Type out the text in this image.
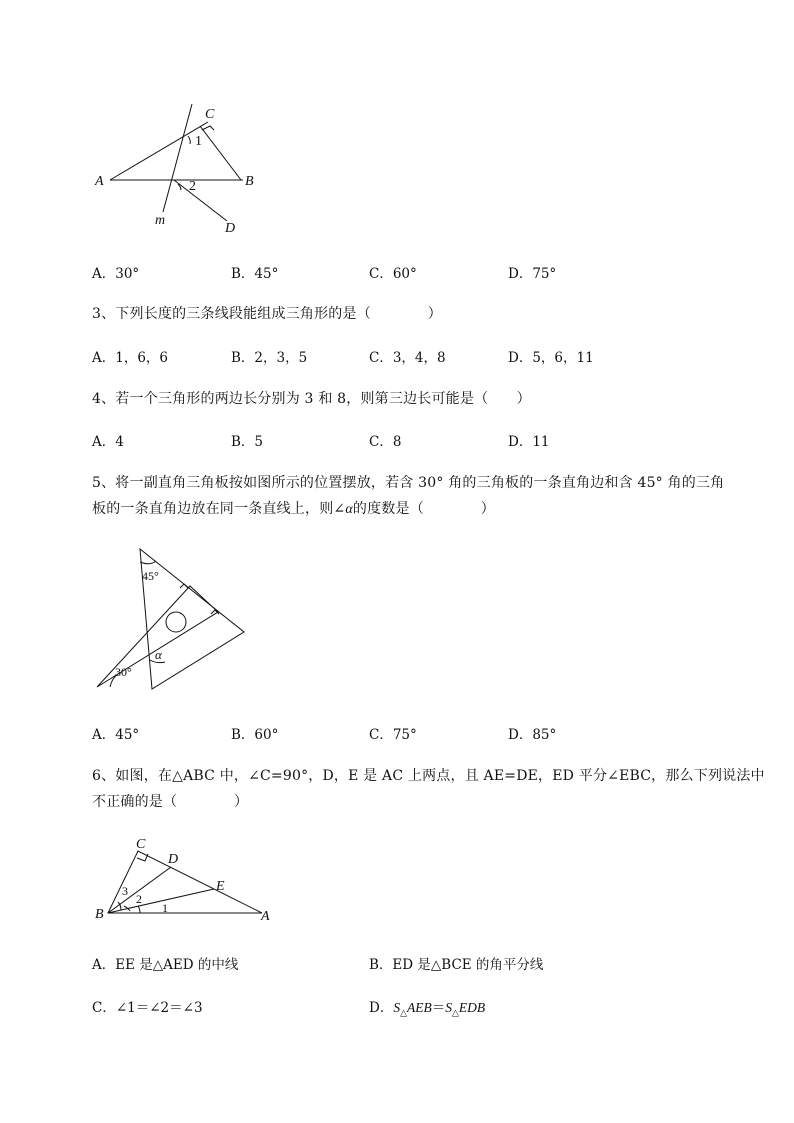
A	B
C
D
m
1
2
A．30°	B．45°	C．60°	D．75°
3、下列长度的三条线段能组成三角形的是（　　　　）
A．1，6，6	B．2，3，5	C．3，4，8	D．5，6，11
4、若一个三角形的两边长分别为 3 和 8，则第三边长可能是（　　）
A．4	B．5	C．8	D．11
5、将一副直角三角板按如图所示的位置摆放，若含 30° 角的三角板的一条直角边和含 45° 角的三角
板的一条直角边放在同一条直线上，则∠α的度数是（　　　　）
45°
30°
α
A．45°	B．60°	C．75°	D．85°
6、如图，在△ABC 中，∠C=90°，D，E 是 AC 上两点，且 AE=DE，ED 平分∠EBC，那么下列说法中
不正确的是（　　　　）
C
D
E
B	A
3
2
1
A．EE 是△AED 的中线	B．ED 是△BCE 的角平分线
C．∠1＝∠2＝∠3	D．$S_\triangle AEB=S_\triangle EDB$
